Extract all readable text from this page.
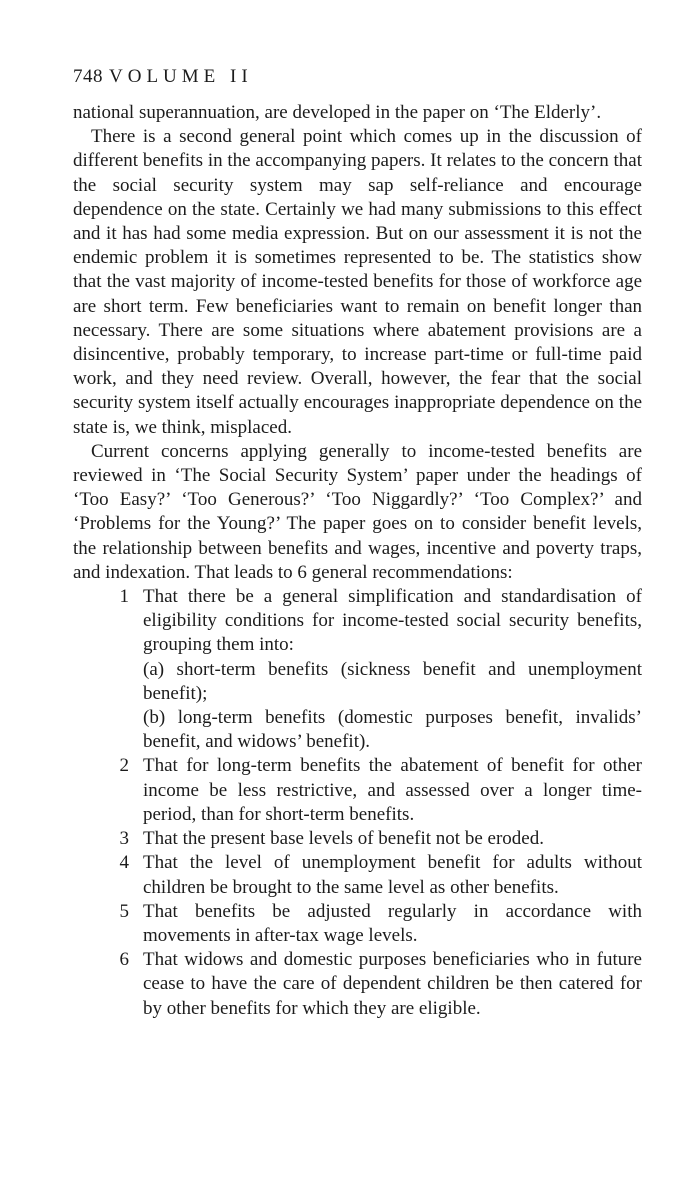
748 VOLUME II

national superannuation, are developed in the paper on ‘The Elderly’.

There is a second general point which comes up in the discussion of different benefits in the accompanying papers. It relates to the concern that the social security system may sap self-reliance and encourage dependence on the state. Certainly we had many submissions to this effect and it has had some media expression. But on our assessment it is not the endemic problem it is sometimes represented to be. The statistics show that the vast majority of income-tested benefits for those of workforce age are short term. Few beneficiaries want to remain on benefit longer than necessary. There are some situations where abatement provisions are a disincentive, probably temporary, to increase part-time or full-time paid work, and they need review. Overall, however, the fear that the social security system itself actually encourages inappropriate dependence on the state is, we think, misplaced.

Current concerns applying generally to income-tested benefits are reviewed in ‘The Social Security System’ paper under the headings of ‘Too Easy?’ ‘Too Generous?’ ‘Too Niggardly?’ ‘Too Complex?’ and ‘Problems for the Young?’ The paper goes on to consider benefit levels, the relationship between benefits and wages, incentive and poverty traps, and indexation. That leads to 6 general recommendations:

1 That there be a general simplification and standardisation of eligibility conditions for income-tested social security benefits, grouping them into:

(a) short-term benefits (sickness benefit and unemployment benefit);

(b) long-term benefits (domestic purposes benefit, invalids’ benefit, and widows’ benefit).

2 That for long-term benefits the abatement of benefit for other income be less restrictive, and assessed over a longer time-period, than for short-term benefits.

3 That the present base levels of benefit not be eroded.

4 That the level of unemployment benefit for adults without children be brought to the same level as other benefits.

5 That benefits be adjusted regularly in accordance with movements in after-tax wage levels.

6 That widows and domestic purposes beneficiaries who in future cease to have the care of dependent children be then catered for by other benefits for which they are eligible.
